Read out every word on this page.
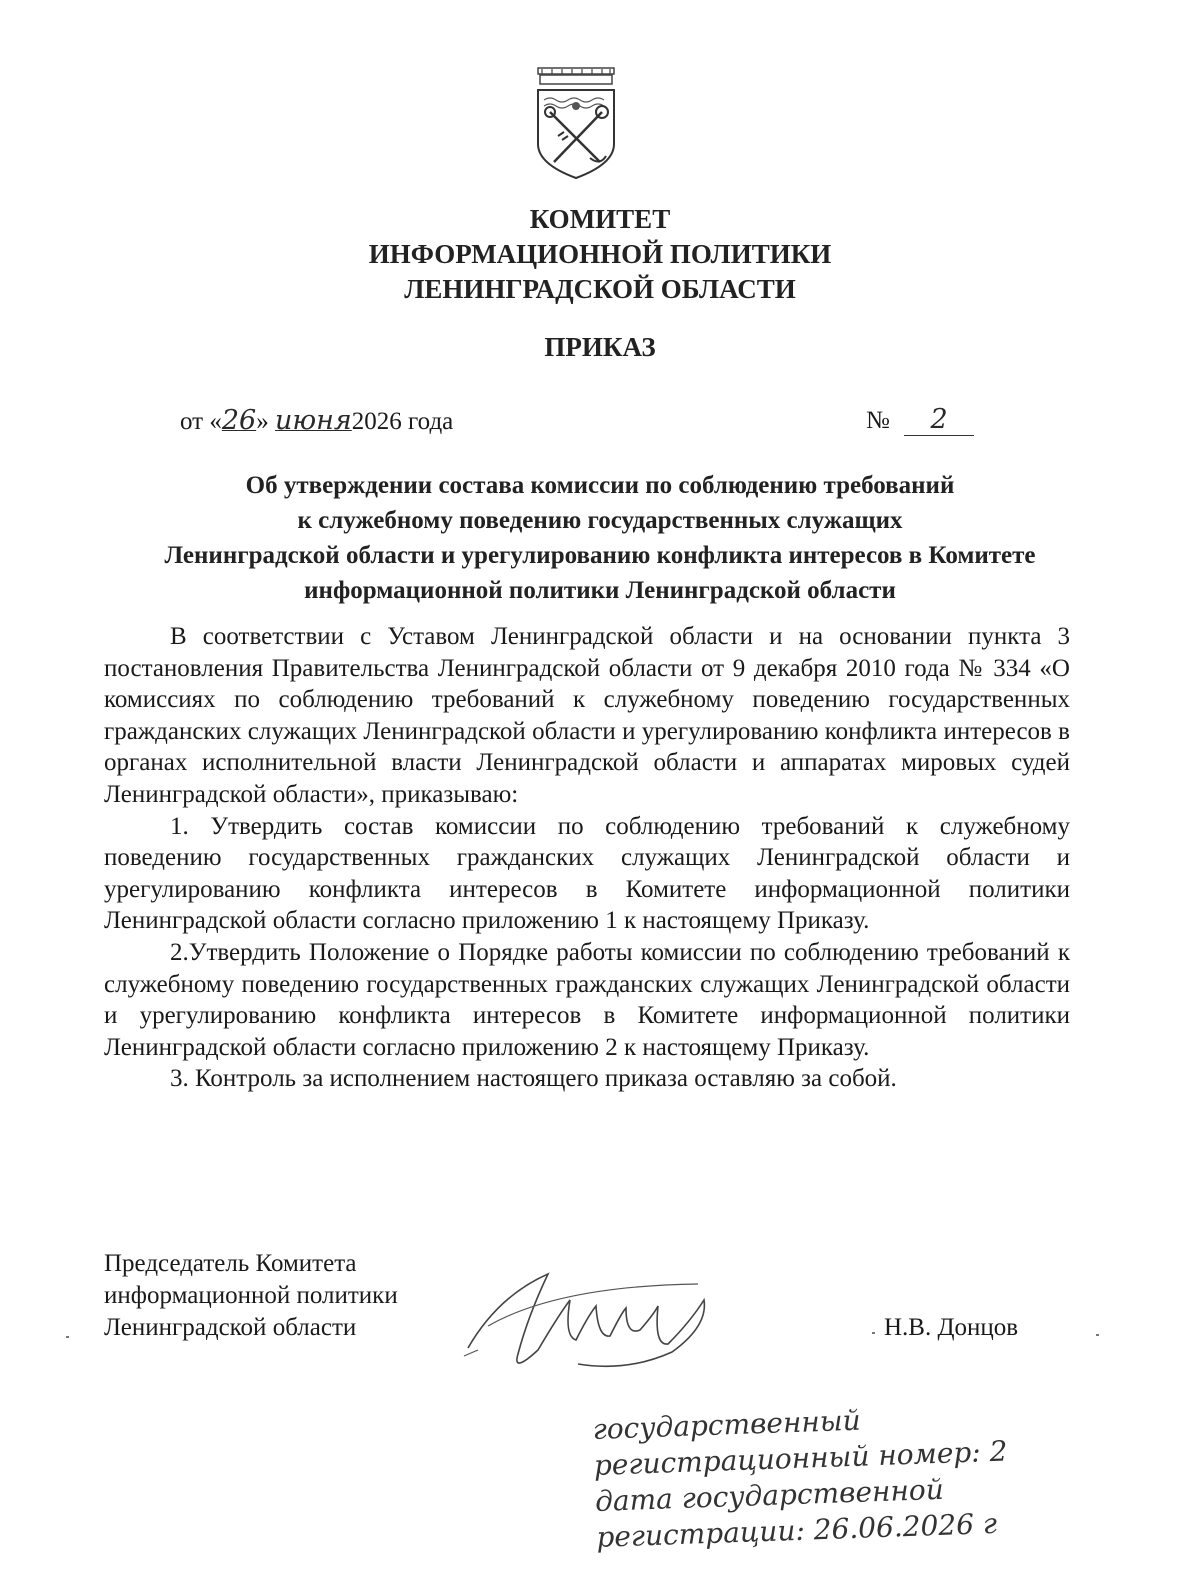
КОМИТЕТ
ИНФОРМАЦИОННОЙ ПОЛИТИКИ
ЛЕНИНГРАДСКОЙ ОБЛАСТИ
ПРИКАЗ
от «26» июня2026 года	№ 2
Об утверждении состава комиссии по соблюдению требований
к служебному поведению государственных служащих
Ленинградской области и урегулированию конфликта интересов в Комитете
информационной политики Ленинградской области

В соответствии с Уставом Ленинградской области и на основании пункта 3 постановления Правительства Ленинградской области от 9 декабря 2010 года № 334 «О комиссиях по соблюдению требований к служебному поведению государственных гражданских служащих Ленинградской области и урегулированию конфликта интересов в органах исполнительной власти Ленинградской области и аппаратах мировых судей Ленинградской области», приказываю:

1. Утвердить состав комиссии по соблюдению требований к служебному поведению государственных гражданских служащих Ленинградской области и урегулированию конфликта интересов в Комитете информационной политики Ленинградской области согласно приложению 1 к настоящему Приказу.

2.Утвердить Положение о Порядке работы комиссии по соблюдению требований к служебному поведению государственных гражданских служащих Ленинградской области и урегулированию конфликта интересов в Комитете информационной политики Ленинградской области согласно приложению 2 к настоящему Приказу.

3. Контроль за исполнением настоящего приказа оставляю за собой.

Председатель Комитета
информационной политики
Ленинградской области	Н.В. Донцов
государственный
регистрационный номер: 2
дата государственной
регистрации: 26.06.2026 г
